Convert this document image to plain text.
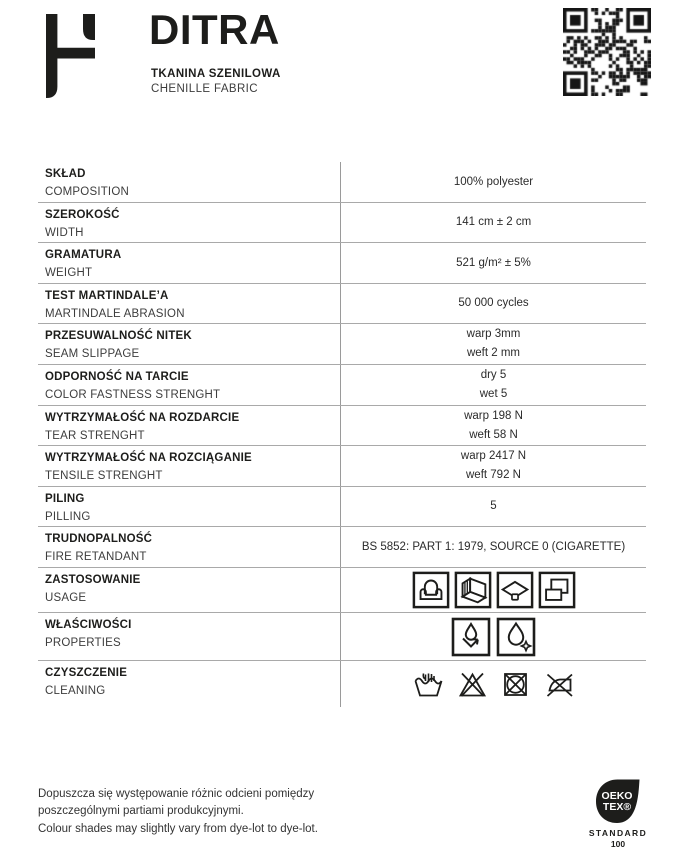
DITRA
TKANINA SZENILOWA
CHENILLE FABRIC
SKŁAD
COMPOSITION
100% polyester
SZEROKOŚĆ
WIDTH
141 cm ± 2 cm
GRAMATURA
WEIGHT
521 g/m² ± 5%
TEST MARTINDALE’A
MARTINDALE ABRASION
50 000 cycles
PRZESUWALNOŚĆ NITEK
SEAM SLIPPAGE
warp 3mm
weft 2 mm
ODPORNOŚĆ NA TARCIE
COLOR FASTNESS STRENGHT
dry 5
wet 5
WYTRZYMAŁOŚĆ NA ROZDARCIE
TEAR STRENGHT
warp 198 N
weft 58 N
WYTRZYMAŁOŚĆ NA ROZCIĄGANIE
TENSILE STRENGHT
warp 2417 N
weft 792 N
PILING
PILLING
5
TRUDNOPALNOŚĆ
FIRE RETANDANT
BS 5852: PART 1: 1979, SOURCE 0 (CIGARETTE)
ZASTOSOWANIE
USAGE
WŁAŚCIWOŚCI
PROPERTIES
CZYSZCZENIE
CLEANING
Dopuszcza się występowanie różnic odcieni pomiędzy poszczególnymi partiami produkcyjnymi.
Colour shades may slightly vary from dye-lot to dye-lot.
OEKO
TEX®
STANDARD
100
